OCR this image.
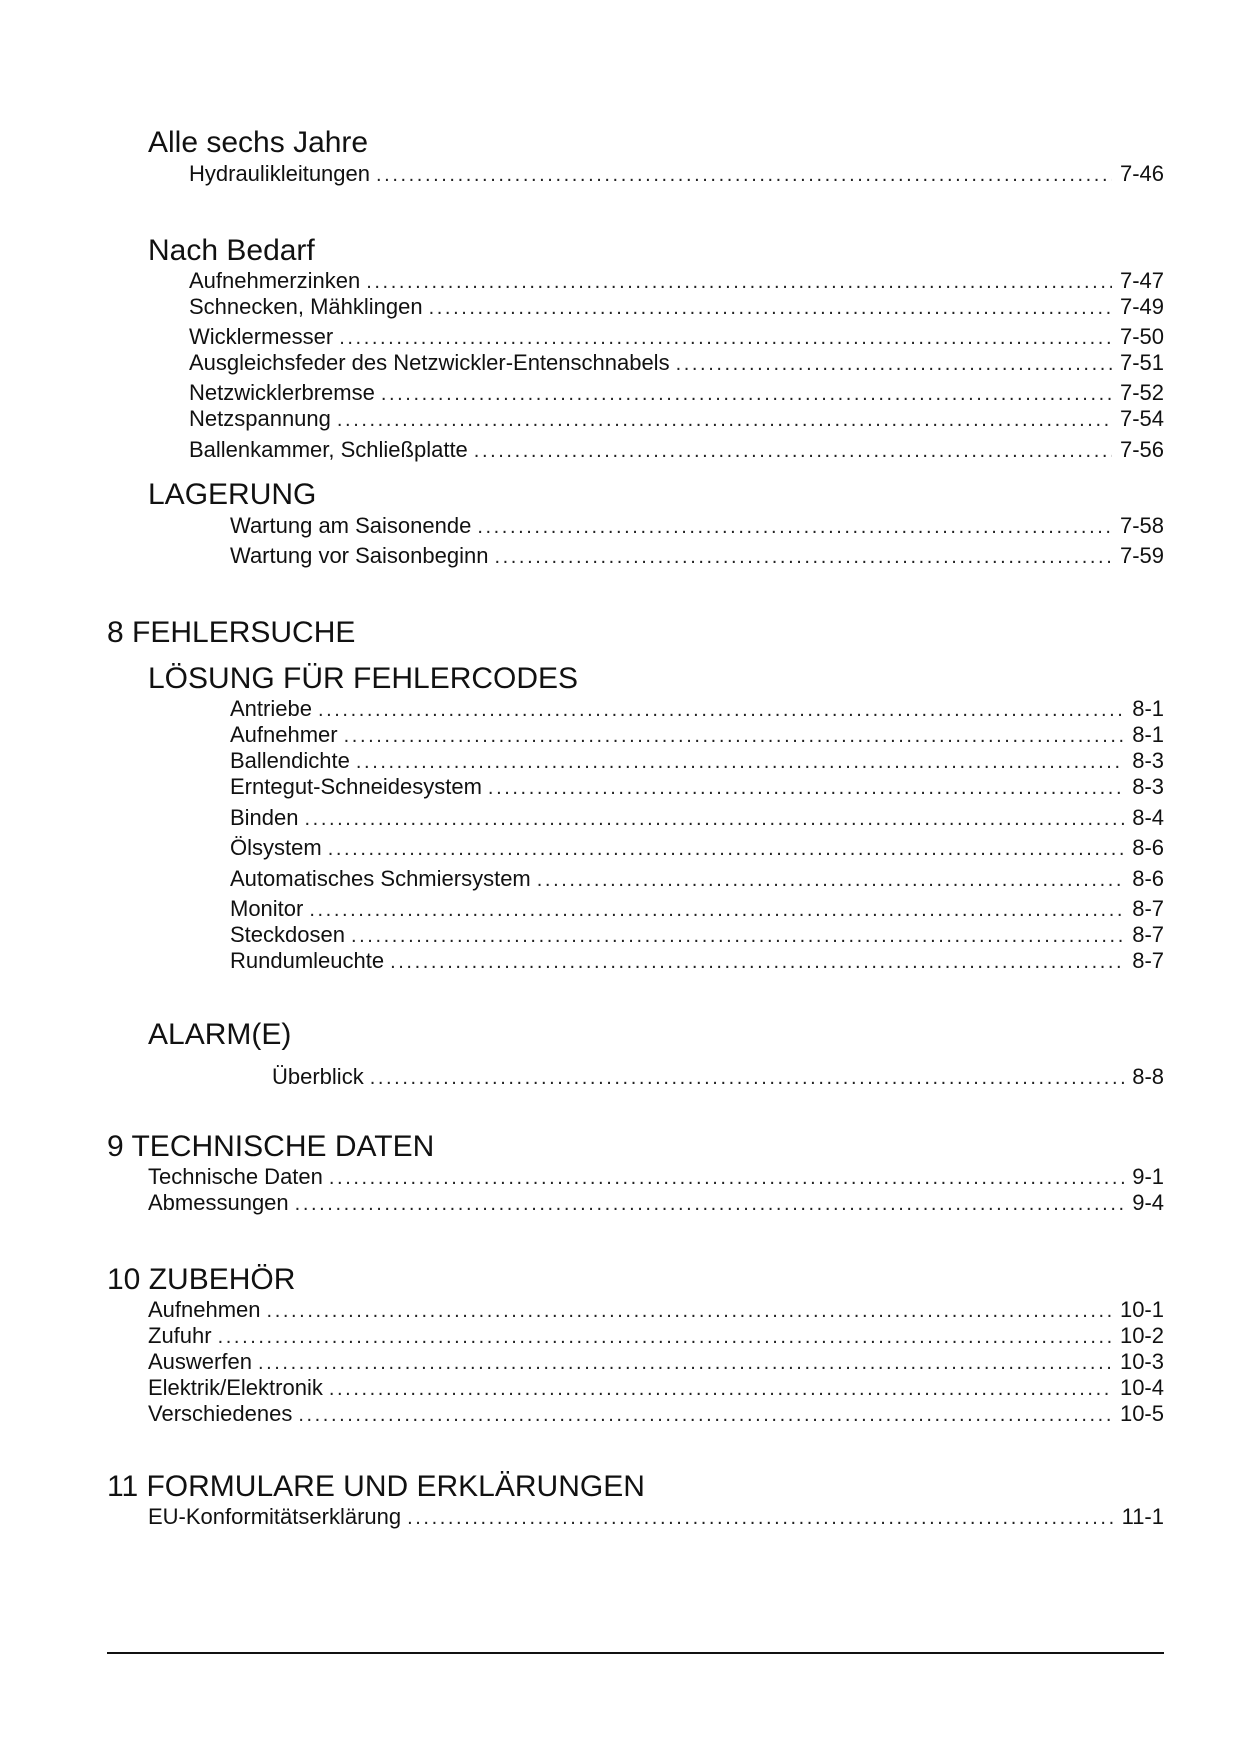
Alle sechs Jahre
Hydraulikleitungen .....	7-46
Nach Bedarf
Aufnehmerzinken .....	7-47
Schnecken, Mähklingen .....	7-49
Wicklermesser .....	7-50
Ausgleichsfeder des Netzwickler-Entenschnabels .....	7-51
Netzwicklerbremse .....	7-52
Netzspannung .....	7-54
Ballenkammer, Schließplatte .....	7-56
LAGERUNG
Wartung am Saisonende .....	7-58
Wartung vor Saisonbeginn .....	7-59
8 FEHLERSUCHE
LÖSUNG FÜR FEHLERCODES
Antriebe .....	8-1
Aufnehmer .....	8-1
Ballendichte .....	8-3
Erntegut-Schneidesystem .....	8-3
Binden .....	8-4
Ölsystem .....	8-6
Automatisches Schmiersystem .....	8-6
Monitor .....	8-7
Steckdosen .....	8-7
Rundumleuchte .....	8-7
ALARM(E)
Überblick .....	8-8
9 TECHNISCHE DATEN
Technische Daten .....	9-1
Abmessungen .....	9-4
10 ZUBEHÖR
Aufnehmen .....	10-1
Zufuhr .....	10-2
Auswerfen .....	10-3
Elektrik/Elektronik .....	10-4
Verschiedenes .....	10-5
11 FORMULARE UND ERKLÄRUNGEN
EU-Konformitätserklärung .....	11-1
